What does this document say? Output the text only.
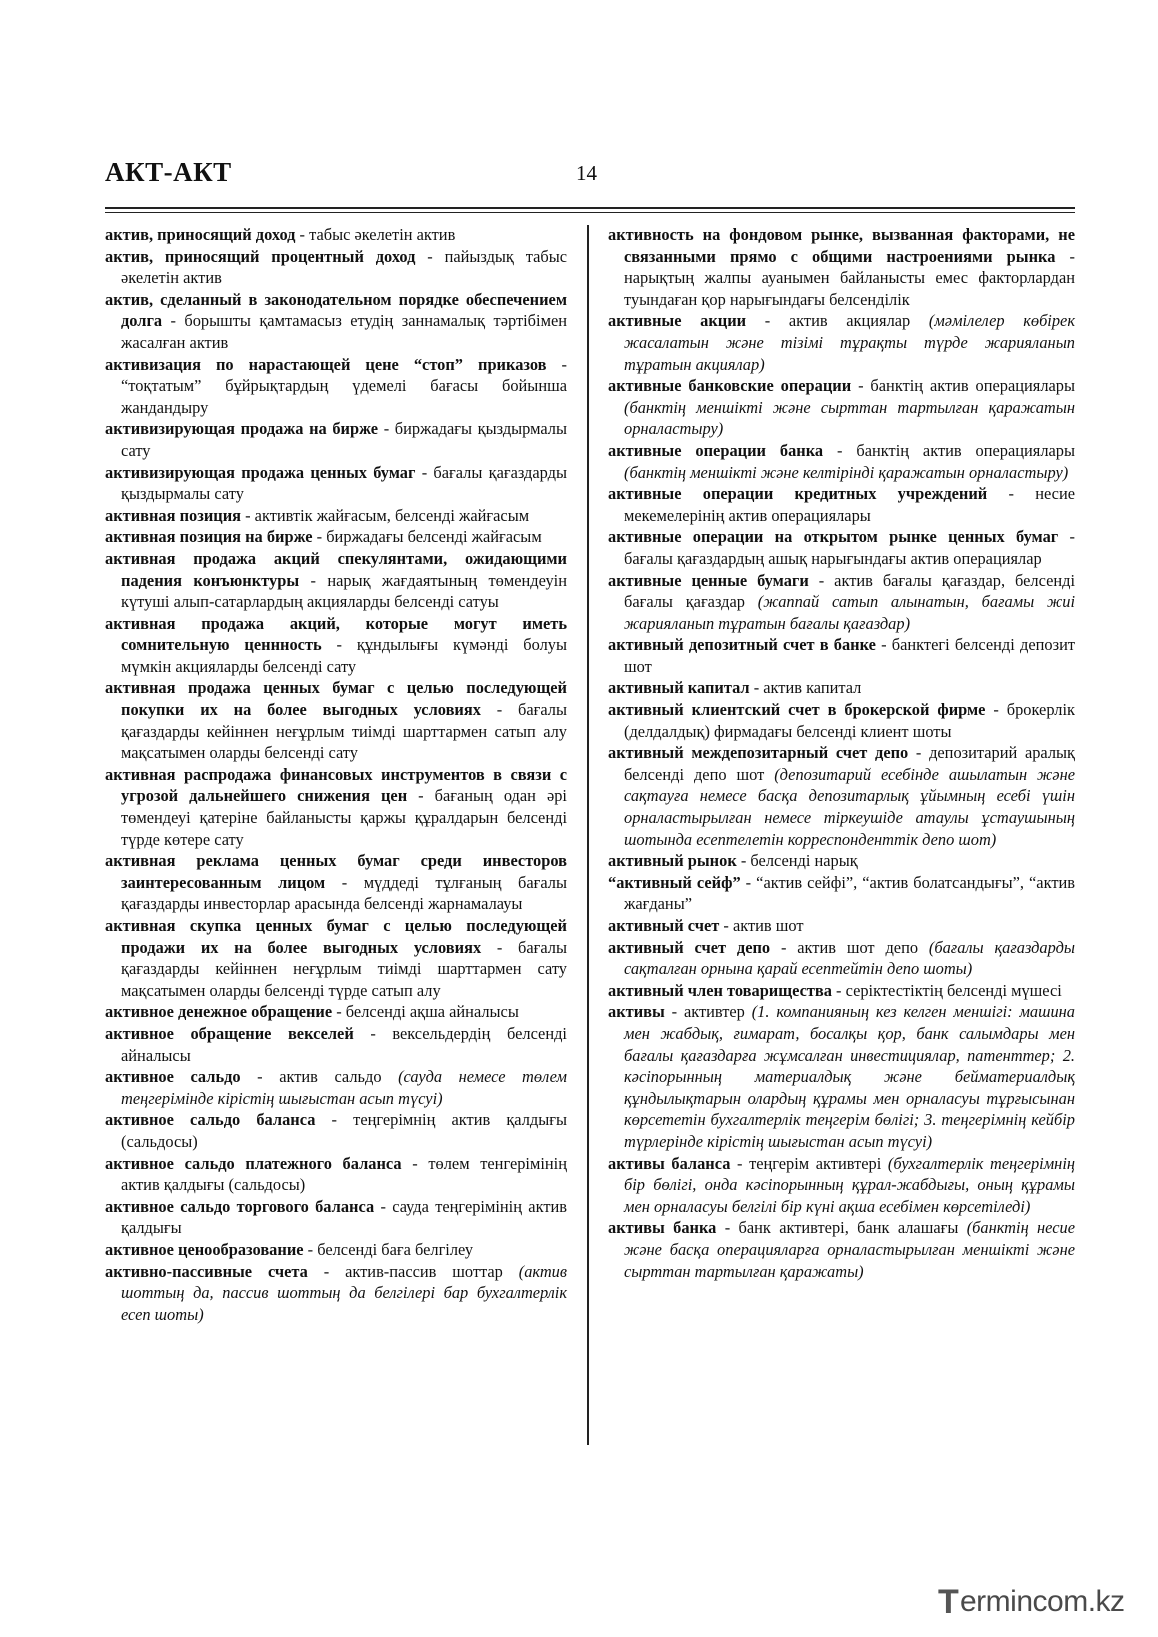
АКТ-АКТ	14

актив, приносящий доход - табыс әкелетін актив

актив, приносящий процентный доход - пайыздық табыс әкелетін актив

актив, сделанный в законодательном порядке обеспечением долга - борышты қамтамасыз етудің заннамалық тәртібімен жасалған актив

активизация по нарастающей цене “стоп” приказов - “тоқтатым” бұйрықтардың үдемелі бағасы бойынша жандандыру

активизирующая продажа на бирже - биржадағы қыздырмалы сату

активизирующая продажа ценных бумаг - бағалы қағаздарды қыздырмалы сату

активная позиция - активтік жайғасым, белсенді жайғасым

активная позиция на бирже - биржадағы белсенді жайғасым

активная продажа акций спекулянтами, ожидающими падения конъюнктуры - нарық жағдаятының төмендеуін күтуші алып-сатарлардың акцияларды белсенді сатуы

активная продажа акций, которые могут иметь сомнительную ценнность - құндылығы күмәнді болуы мүмкін акцияларды белсенді сату

активная продажа ценных бумаг с целью последующей покупки их на более выгодных условиях - бағалы қағаздарды кейіннен неғұрлым тиімді шарттармен сатып алу мақсатымен оларды белсенді сату

активная распродажа финансовых инструментов в связи с угрозой дальнейшего снижения цен - бағаның одан әрі төмендеуі қатеріне байланысты қаржы құралдарын белсенді түрде көтере сату

активная реклама ценных бумаг среди инвесторов заинтересованным лицом - мүддеді тұлғаның бағалы қағаздарды инвесторлар арасында белсенді жарнамалауы

активная скупка ценных бумаг с целью последующей продажи их на более выгодных условиях - бағалы қағаздарды кейіннен неғұрлым тиімді шарттармен сату мақсатымен оларды белсенді түрде сатып алу

активное денежное обращение - белсенді ақша айналысы

активное обращение векселей - вексельдердің белсенді айналысы

активное сальдо - актив сальдо (сауда немесе төлем теңгерімінде кірістің шығыстан асып түсуі)

активное сальдо баланса - теңгерімнің актив қалдығы (сальдосы)

активное сальдо платежного баланса - төлем тенгерімінің актив қалдығы (сальдосы)

активное сальдо торгового баланса - сауда теңгерімінің актив қалдығы

активное ценообразование - белсенді баға белгілеу

активно-пассивные счета - актив-пассив шоттар (актив шоттың да, пассив шоттың да белгілері бар бухгалтерлік есеп шоты)

активность на фондовом рынке, вызванная факторами, не связанными прямо с общими настроениями рынка - нарықтың жалпы ауанымен байланысты емес факторлардан туындаған қор нарығындағы белсенділік

активные акции - актив акциялар (мәмілелер көбірек жасалатын және тізімі тұрақты түрде жарияланып тұратын акциялар)

активные банковские операции - банктің актив операциялары (банктің меншікті және сырттан тартылған қаражатын орналастыру)

активные операции банка - банктің актив операциялары (банктің меншікті және келтірінді қаражатын орналастыру)

активные операции кредитных учреждений - несие мекемелерінің актив операциялары

активные операции на открытом рынке ценных бумаг - бағалы қағаздардың ашық нарығындағы актив операциялар

активные ценные бумаги - актив бағалы қағаздар, белсенді бағалы қағаздар (жаппай сатып алынатын, бағамы жиі жарияланып тұратын бағалы қағаздар)

активный депозитный счет в банке - банктегі белсенді депозит шот

активный капитал - актив капитал

активный клиентский счет в брокерской фирме - брокерлік (делдалдық) фирмадағы белсенді клиент шоты

активный междепозитарный счет депо - депозитарий аралық белсенді депо шот (депозитарий есебінде ашылатын және сақтауға немесе басқа депозитарлық ұйымның есебі үшін орналастырылған немесе тіркеушіде атаулы ұстаушының шотында есептелетін корреспонденттік депо шот)

активный рынок - белсенді нарық

“активный сейф” - “актив сейфі”, “актив болатсандығы”, “актив жағданы”

активный счет - актив шот

активный счет депо - актив шот депо (бағалы қағаздарды сақталған орнына қарай есептейтін депо шоты)

активный член товарищества - серіктестіктің белсенді мүшесі

активы - активтер (1. компанияның кез келген меншігі: машина мен жабдық, ғимарат, босалқы қор, банк салымдары мен бағалы қағаздарға жұмсалған инвестициялар, патенттер; 2. кәсіпорынның материалдық және бейматериалдық құндылықтарын олардың құрамы мен орналасуы тұрғысынан көрсететін бухгалтерлік теңгерім бөлігі; 3. теңгерімнің кейбір түрлерінде кірістің шығыстан асып түсуі)

активы баланса - теңгерім активтері (бухгалтерлік теңгерімнің бір бөлігі, онда кәсіпорынның құрал-жабдығы, оның құрамы мен орналасуы белгілі бір күні ақша есебімен көрсетіледі)

активы банка - банк активтері, банк алашағы (банктің несие және басқа операцияларға орналастырылған меншікті және сырттан тартылған қаражаты)

T ermincom.kz
